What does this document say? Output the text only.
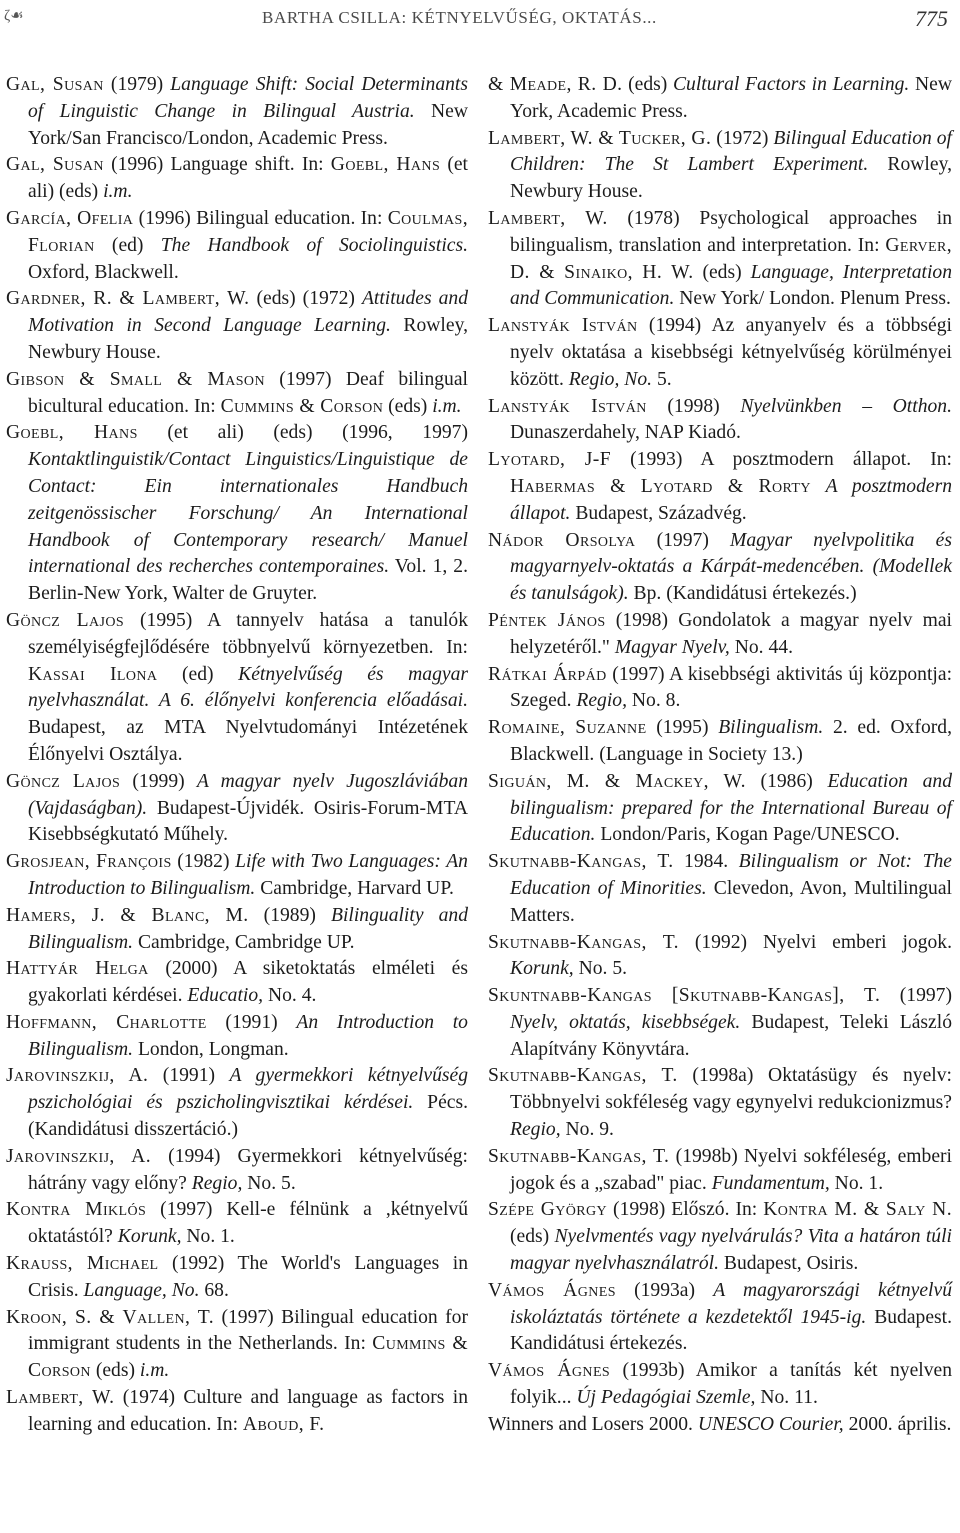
ζ☙	BARTHA CSILLA: KÉTNYELVŰSÉG, OKTATÁS...	775

Gal, Susan (1979) Language Shift: Social Determinants of Linguistic Change in Bilingual Austria. New York/San Francisco/London, Academic Press.

Gal, Susan (1996) Language shift. In: Goebl, Hans (et ali) (eds) i.m.

García, Ofelia (1996) Bilingual education. In: Coulmas, Florian (ed) The Handbook of Sociolinguistics. Oxford, Blackwell.

Gardner, R. & Lambert, W. (eds) (1972) Attitudes and Motivation in Second Language Learning. Rowley, Newbury House.

Gibson & Small & Mason (1997) Deaf bilingual bicultural education. In: Cummins & Corson (eds) i.m.

Goebl, Hans (et ali) (eds) (1996, 1997) Kontaktlinguistik/Contact Linguistics/Linguistique de Contact: Ein internationales Handbuch zeitgenössischer Forschung/ An International Handbook of Contemporary research/ Manuel international des recherches contemporaines. Vol. 1, 2. Berlin-New York, Walter de Gruyter.

Göncz Lajos (1995) A tannyelv hatása a tanulók személyiségfejlődésére többnyelvű környezetben. In: Kassai Ilona (ed) Kétnyelvűség és magyar nyelvhasználat. A 6. élőnyelvi konferencia előadásai. Budapest, az MTA Nyelvtudományi Intézetének Élőnyelvi Osztálya.

Göncz Lajos (1999) A magyar nyelv Jugoszláviában (Vajdaságban). Budapest-Újvidék. Osiris-Forum-MTA Kisebbségkutató Műhely.

Grosjean, François (1982) Life with Two Languages: An Introduction to Bilingualism. Cambridge, Harvard UP.

Hamers, J. & Blanc, M. (1989) Bilinguality and Bilingualism. Cambridge, Cambridge UP.

Hattyár Helga (2000) A siketoktatás elméleti és gyakorlati kérdései. Educatio, No. 4.

Hoffmann, Charlotte (1991) An Introduction to Bilingualism. London, Longman.

Jarovinszkij, A. (1991) A gyermekkori kétnyelvűség pszichológiai és pszicholingvisztikai kérdései. Pécs. (Kandidátusi disszertáció.)

Jarovinszkij, A. (1994) Gyermekkori kétnyelvűség: hátrány vagy előny? Regio, No. 5.

Kontra Miklós (1997) Kell-e félnünk a ,kétnyelvű oktatástól? Korunk, No. 1.

Krauss, Michael (1992) The World's Languages in Crisis. Language, No. 68.

Kroon, S. & Vallen, T. (1997) Bilingual education for immigrant students in the Netherlands. In: Cummins & Corson (eds) i.m.

Lambert, W. (1974) Culture and language as factors in learning and education. In: Aboud, F.

& Meade, R. D. (eds) Cultural Factors in Learning. New York, Academic Press.

Lambert, W. & Tucker, G. (1972) Bilingual Education of Children: The St Lambert Experiment. Rowley, Newbury House.

Lambert, W. (1978) Psychological approaches in bilingualism, translation and interpretation. In: Gerver, D. & Sinaiko, H. W. (eds) Language, Interpretation and Communication. New York/ London. Plenum Press.

Lanstyák István (1994) Az anyanyelv és a többségi nyelv oktatása a kisebbségi kétnyelvűség körülményei között. Regio, No. 5.

Lanstyák István (1998) Nyelvünkben – Otthon. Dunaszerdahely, NAP Kiadó.

Lyotard, J-F (1993) A posztmodern állapot. In: Habermas & Lyotard & Rorty A posztmodern állapot. Budapest, Századvég.

Nádor Orsolya (1997) Magyar nyelvpolitika és magyarnyelv-oktatás a Kárpát-medencében. (Modellek és tanulságok). Bp. (Kandidátusi értekezés.)

Péntek János (1998) Gondolatok a magyar nyelv mai helyzetéről." Magyar Nyelv, No. 44.

Rátkai Árpád (1997) A kisebbségi aktivitás új központja: Szeged. Regio, No. 8.

Romaine, Suzanne (1995) Bilingualism. 2. ed. Oxford, Blackwell. (Language in Society 13.)

Siguán, M. & Mackey, W. (1986) Education and bilingualism: prepared for the International Bureau of Education. London/Paris, Kogan Page/UNESCO.

Skutnabb-Kangas, T. 1984. Bilingualism or Not: The Education of Minorities. Clevedon, Avon, Multilingual Matters.

Skutnabb-Kangas, T. (1992) Nyelvi emberi jogok. Korunk, No. 5.

Skuntnabb-Kangas [Skutnabb-Kangas], T. (1997) Nyelv, oktatás, kisebbségek. Budapest, Teleki László Alapítvány Könyvtára.

Skutnabb-Kangas, T. (1998a) Oktatásügy és nyelv: Többnyelvi sokféleség vagy egynyelvi redukcionizmus? Regio, No. 9.

Skutnabb-Kangas, T. (1998b) Nyelvi sokféleség, emberi jogok és a „szabad" piac. Fundamentum, No. 1.

Szépe György (1998) Előszó. In: Kontra M. & Saly N. (eds) Nyelvmentés vagy nyelvárulás? Vita a határon túli magyar nyelvhasználatról. Budapest, Osiris.

Vámos Ágnes (1993a) A magyarországi kétnyelvű iskoláztatás története a kezdetektől 1945-ig. Budapest. Kandidátusi értekezés.

Vámos Ágnes (1993b) Amikor a tanítás két nyelven folyik... Új Pedagógiai Szemle, No. 11.

Winners and Losers 2000. UNESCO Courier, 2000. április.
